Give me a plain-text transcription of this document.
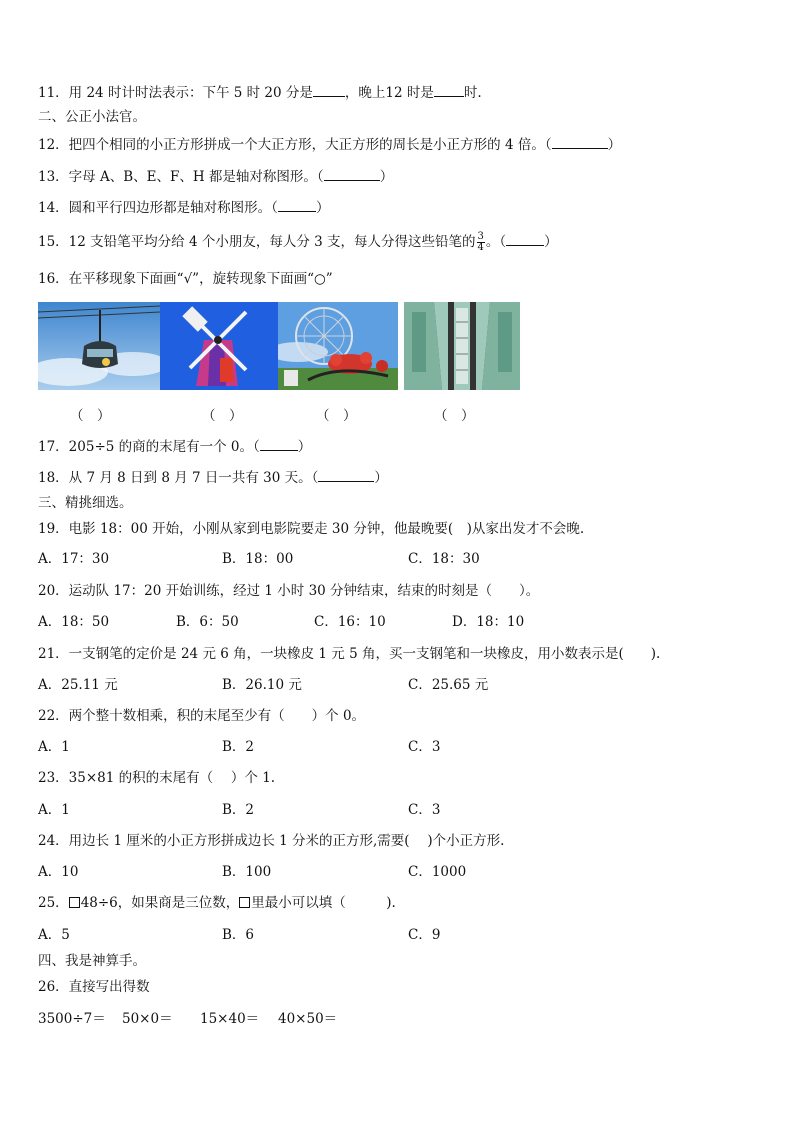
11．用 24 时计时法表示：下午 5 时 20 分是 ，晚上12 时是 时.
二、公正小法官。
12．把四个相同的小正方形拼成一个大正方形，大正方形的周长是小正方形的 4 倍。（	）
13．字母 A、B、E、F、H 都是轴对称图形。（	）
14．圆和平行四边形都是轴对称图形。（	）
15．12 支铅笔平均分给 4 个小朋友，每人分 3 支，每人分得这些铅笔的 $\frac{3}{4}$ 。（	）
16．在平移现象下面画“√”，旋转现象下面画“○”
（　）	（　）	（　）	（　）
17．205÷5 的商的末尾有一个 0。（	）
18．从 7 月 8 日到 8 月 7 日一共有 30 天。（	）
三、精挑细选。
19．电影 18：00 开始，小刚从家到电影院要走 30 分钟，他最晚要(　)从家出发才不会晚.
A．17：30	B．18：00	C．18：30
20．运动队 17：20 开始训练，经过 1 小时 30 分钟结束，结束的时刻是（　　）。
A．18：50	B．6：50	C．16：10	D．18：10
21．一支钢笔的定价是 24 元 6 角，一块橡皮 1 元 5 角，买一支钢笔和一块橡皮，用小数表示是(　　).
A．25.11 元	B．26.10 元	C．25.65 元
22．两个整十数相乘，积的末尾至少有（　　）个 0。
A．1	B．2	C．3
23．35×81 的积的末尾有（　 ）个 1.
A．1	B．2	C．3
24．用边长 1 厘米的小正方形拼成边长 1 分米的正方形,需要(　 )个小正方形.
A．10	B．100	C．1000
25． 48÷6，如果商是三位数， 里最小可以填（　　　).
A．5	B．6	C．9
四、我是神算手。
26．直接写出得数
3500÷7＝ 50×0＝ 15×40＝ 40×50＝
